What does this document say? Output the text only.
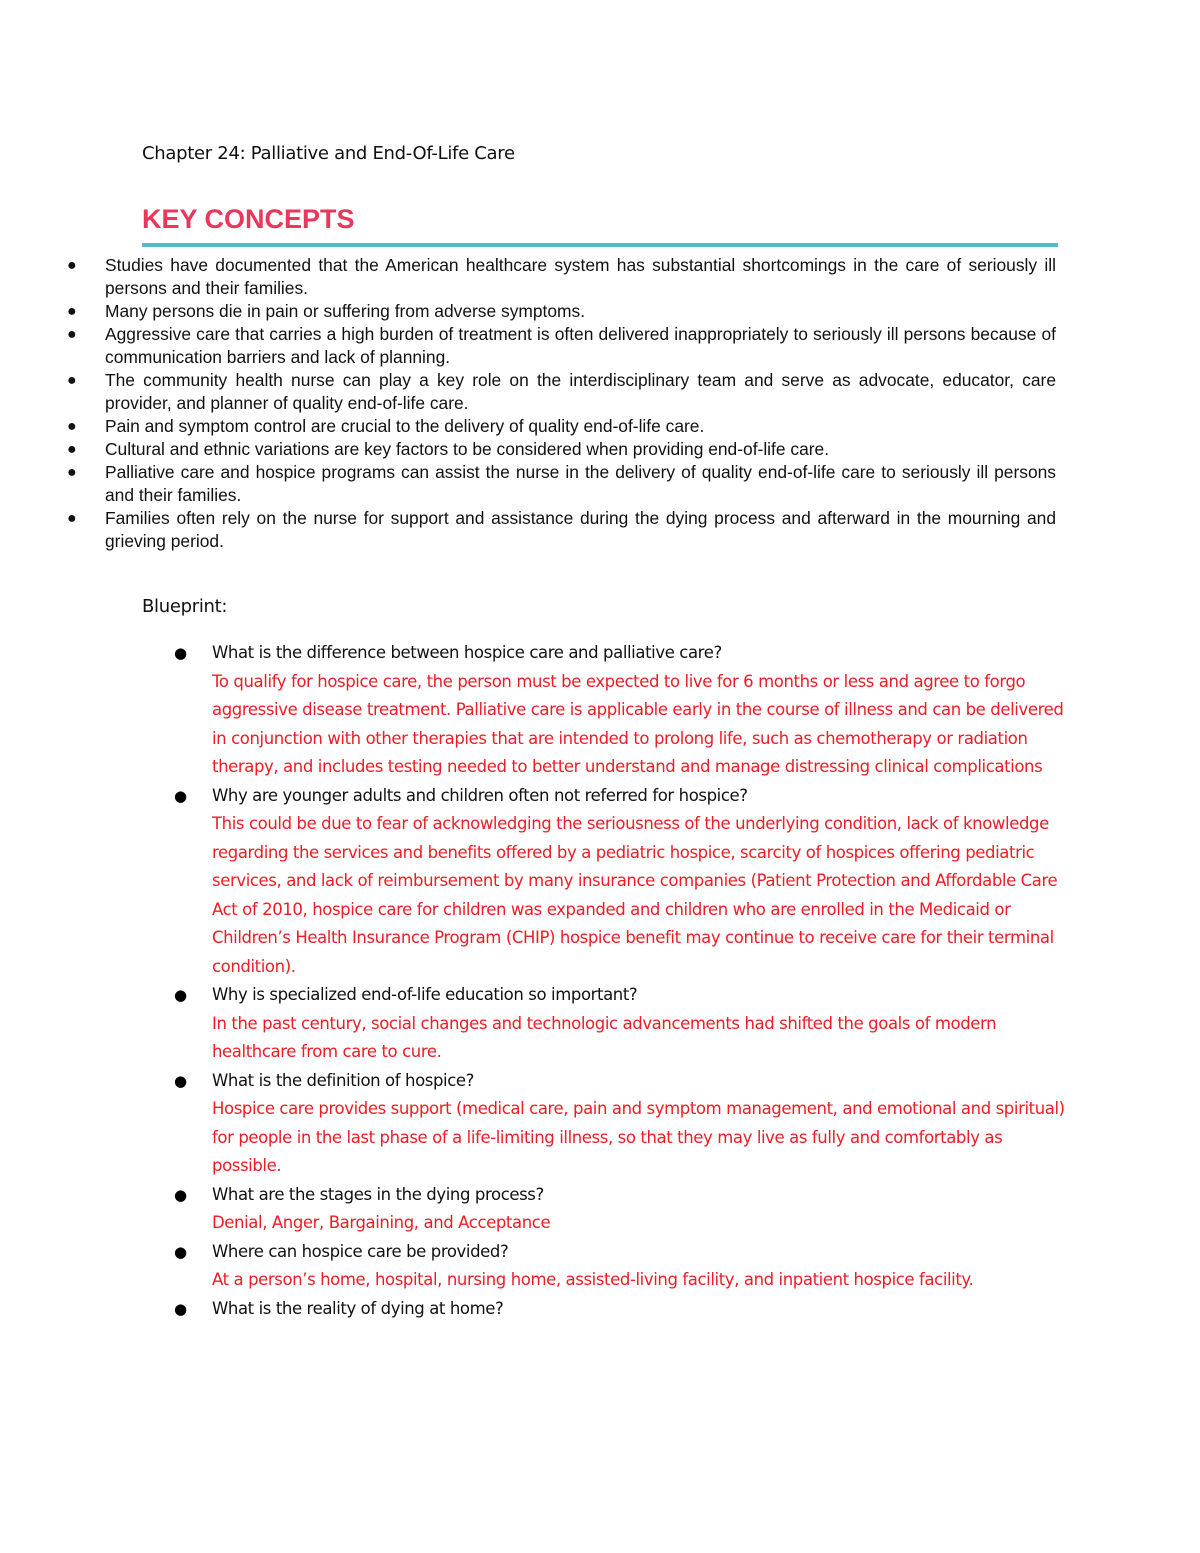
Chapter 24: Palliative and End-Of-Life Care
KEY CONCEPTS
● Studies have documented that the American healthcare system has substantial shortcomings in the care of seriously ill persons and their families.
● Many persons die in pain or suffering from adverse symptoms.
● Aggressive care that carries a high burden of treatment is often delivered inappropriately to seriously ill persons because of communication barriers and lack of planning.
● The community health nurse can play a key role on the interdisciplinary team and serve as advocate, educator, care provider, and planner of quality end-of-life care.
● Pain and symptom control are crucial to the delivery of quality end-of-life care.
● Cultural and ethnic variations are key factors to be considered when providing end-of-life care.
● Palliative care and hospice programs can assist the nurse in the delivery of quality end-of-life care to seriously ill persons and their families.
● Families often rely on the nurse for support and assistance during the dying process and afterward in the mourning and grieving period.
Blueprint:
● What is the difference between hospice care and palliative care?
To qualify for hospice care, the person must be expected to live for 6 months or less and agree to forgo aggressive disease treatment. Palliative care is applicable early in the course of illness and can be delivered in conjunction with other therapies that are intended to prolong life, such as chemotherapy or radiation therapy, and includes testing needed to better understand and manage distressing clinical complications
● Why are younger adults and children often not referred for hospice?
This could be due to fear of acknowledging the seriousness of the underlying condition, lack of knowledge regarding the services and benefits offered by a pediatric hospice, scarcity of hospices offering pediatric services, and lack of reimbursement by many insurance companies (Patient Protection and Affordable Care Act of 2010, hospice care for children was expanded and children who are enrolled in the Medicaid or Children’s Health Insurance Program (CHIP) hospice benefit may continue to receive care for their terminal condition).
● Why is specialized end-of-life education so important?
In the past century, social changes and technologic advancements had shifted the goals of modern healthcare from care to cure.
● What is the definition of hospice?
Hospice care provides support (medical care, pain and symptom management, and emotional and spiritual) for people in the last phase of a life-limiting illness, so that they may live as fully and comfortably as possible.
● What are the stages in the dying process?
Denial, Anger, Bargaining, and Acceptance
● Where can hospice care be provided?
At a person’s home, hospital, nursing home, assisted-living facility, and inpatient hospice facility.
● What is the reality of dying at home?
